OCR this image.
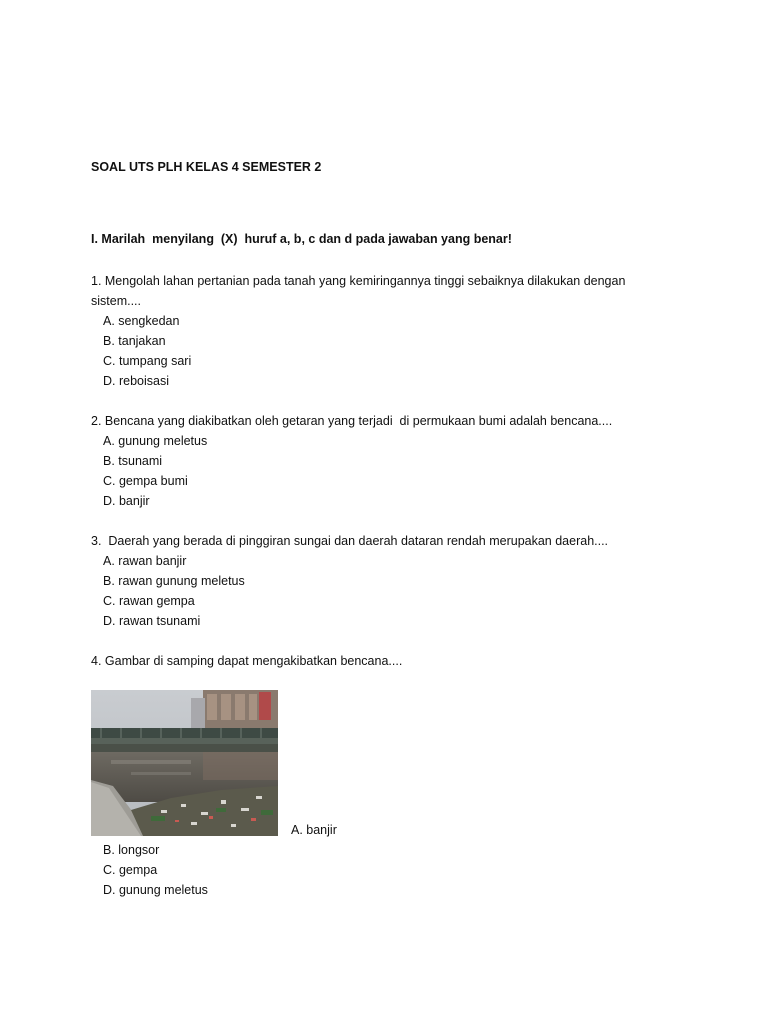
SOAL UTS PLH KELAS 4 SEMESTER 2
I. Marilah  menyilang  (X)  huruf a, b, c dan d pada jawaban yang benar!
1. Mengolah lahan pertanian pada tanah yang kemiringannya tinggi sebaiknya dilakukan dengan sistem....
A. sengkedan
B. tanjakan
C. tumpang sari
D. reboisasi
2. Bencana yang diakibatkan oleh getaran yang terjadi  di permukaan bumi adalah bencana....
A. gunung meletus
B. tsunami
C. gempa bumi
D. banjir
3.  Daerah yang berada di pinggiran sungai dan daerah dataran rendah merupakan daerah....
A. rawan banjir
B. rawan gunung meletus
C. rawan gempa
D. rawan tsunami
4. Gambar di samping dapat mengakibatkan bencana....
A. banjir
B. longsor
C. gempa
D. gunung meletus
